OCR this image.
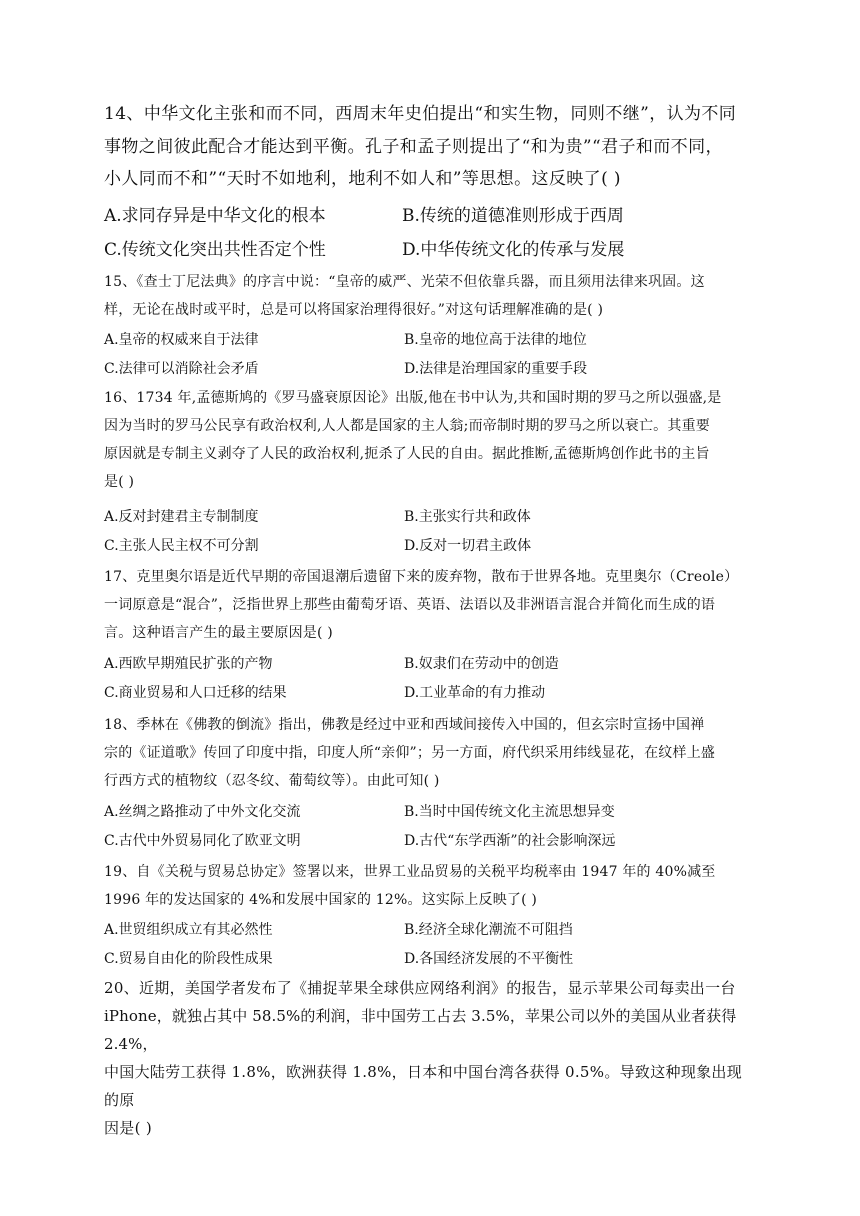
14、中华文化主张和而不同，西周末年史伯提出“和实生物，同则不继”，认为不同

事物之间彼此配合才能达到平衡。孔子和孟子则提出了“和为贵”“君子和而不同，

小人同而不和”“天时不如地利，地利不如人和”等思想。这反映了( )

A.求同存异是中华文化的根本	B.传统的道德准则形成于西周
C.传统文化突出共性否定个性	D.中华传统文化的传承与发展

15、《查士丁尼法典》的序言中说：“皇帝的威严、光荣不但依靠兵器，而且须用法律来巩固。这

样，无论在战时或平时，总是可以将国家治理得很好。”对这句话理解准确的是( )

A.皇帝的权威来自于法律	B.皇帝的地位高于法律的地位
C.法律可以消除社会矛盾	D.法律是治理国家的重要手段

16、1734 年,孟德斯鸠的《罗马盛衰原因论》出版,他在书中认为,共和国时期的罗马之所以强盛,是

因为当时的罗马公民享有政治权利,人人都是国家的主人翁;而帝制时期的罗马之所以衰亡。其重要

原因就是专制主义剥夺了人民的政治权利,扼杀了人民的自由。据此推断,孟德斯鸠创作此书的主旨

是( )

A.反对封建君主专制制度	B.主张实行共和政体
C.主张人民主权不可分割	D.反对一切君主政体

17、克里奥尔语是近代早期的帝国退潮后遗留下来的废弃物，散布于世界各地。克里奥尔（Creole）

一词原意是“混合”，泛指世界上那些由葡萄牙语、英语、法语以及非洲语言混合并简化而生成的语

言。这种语言产生的最主要原因是( )

A.西欧早期殖民扩张的产物	B.奴隶们在劳动中的创造
C.商业贸易和人口迁移的结果	D.工业革命的有力推动

18、季林在《佛教的倒流》指出，佛教是经过中亚和西域间接传入中国的，但玄宗时宣扬中国禅

宗的《证道歌》传回了印度中指，印度人所“亲仰”；另一方面，府代织采用纬线显花，在纹样上盛

行西方式的植物纹（忍冬纹、葡萄纹等）。由此可知( )

A.丝绸之路推动了中外文化交流	B.当时中国传统文化主流思想异变
C.古代中外贸易同化了欧亚文明	D.古代“东学西渐”的社会影响深远

19、自《关税与贸易总协定》签署以来，世界工业品贸易的关税平均税率由 1947 年的 40%减至

1996 年的发达国家的 4%和发展中国家的 12%。这实际上反映了( )

A.世贸组织成立有其必然性	B.经济全球化潮流不可阻挡
C.贸易自由化的阶段性成果	D.各国经济发展的不平衡性

20、近期，美国学者发布了《捕捉苹果全球供应网络利润》的报告，显示苹果公司每卖出一台

iPhone，就独占其中 58.5%的利润，非中国劳工占去 3.5%，苹果公司以外的美国从业者获得 2.4%，

中国大陆劳工获得 1.8%，欧洲获得 1.8%，日本和中国台湾各获得 0.5%。导致这种现象出现的原

因是( )
